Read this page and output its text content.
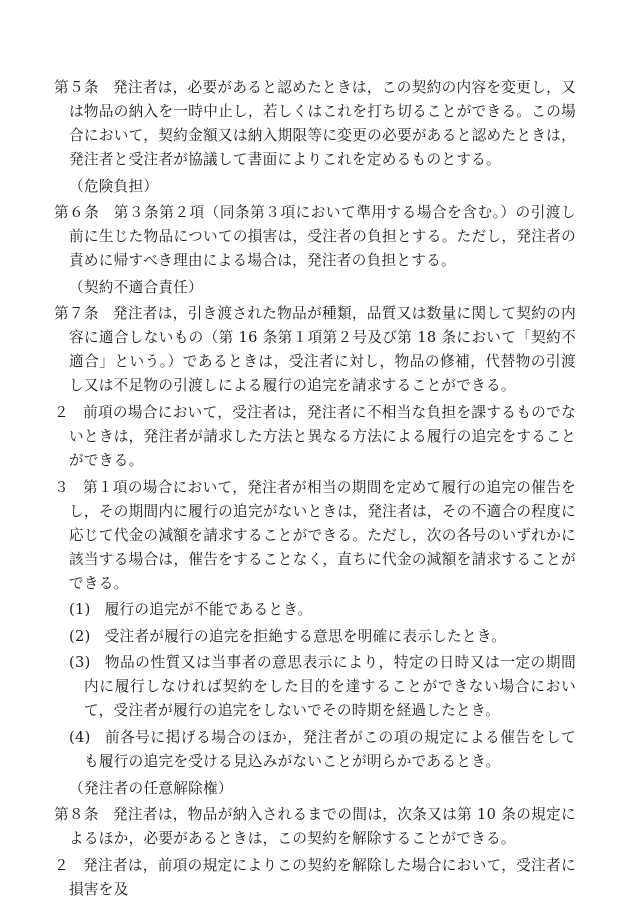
第５条 発注者は，必要があると認めたときは，この契約の内容を変更し，又は物品の納入を一時中止し，若しくはこれを打ち切ることができる。この場合において，契約金額又は納入期限等に変更の必要があると認めたときは，発注者と受注者が協議して書面によりこれを定めるものとする。

（危険負担）

第６条 第３条第２項（同条第３項において準用する場合を含む。）の引渡し前に生じた物品についての損害は，受注者の負担とする。ただし，発注者の責めに帰すべき理由による場合は，発注者の負担とする。

（契約不適合責任）

第７条 発注者は，引き渡された物品が種類，品質又は数量に関して契約の内容に適合しないもの（第 16 条第１項第２号及び第 18 条において「契約不適合」という。）であるときは，受注者に対し，物品の修補，代替物の引渡し又は不足物の引渡しによる履行の追完を請求することができる。

２ 前項の場合において，受注者は，発注者に不相当な負担を課するものでないときは，発注者が請求した方法と異なる方法による履行の追完をすることができる。

３ 第１項の場合において，発注者が相当の期間を定めて履行の追完の催告をし，その期間内に履行の追完がないときは，発注者は，その不適合の程度に応じて代金の減額を請求することができる。ただし，次の各号のいずれかに該当する場合は，催告をすることなく，直ちに代金の減額を請求することができる。

(1) 履行の追完が不能であるとき。

(2) 受注者が履行の追完を拒絶する意思を明確に表示したとき。

(3) 物品の性質又は当事者の意思表示により，特定の日時又は一定の期間内に履行しなければ契約をした目的を達することができない場合において，受注者が履行の追完をしないでその時期を経過したとき。

(4) 前各号に掲げる場合のほか，発注者がこの項の規定による催告をしても履行の追完を受ける見込みがないことが明らかであるとき。

（発注者の任意解除権）

第８条 発注者は，物品が納入されるまでの間は，次条又は第 10 条の規定によるほか，必要があるときは，この契約を解除することができる。

２ 発注者は，前項の規定によりこの契約を解除した場合において，受注者に損害を及
